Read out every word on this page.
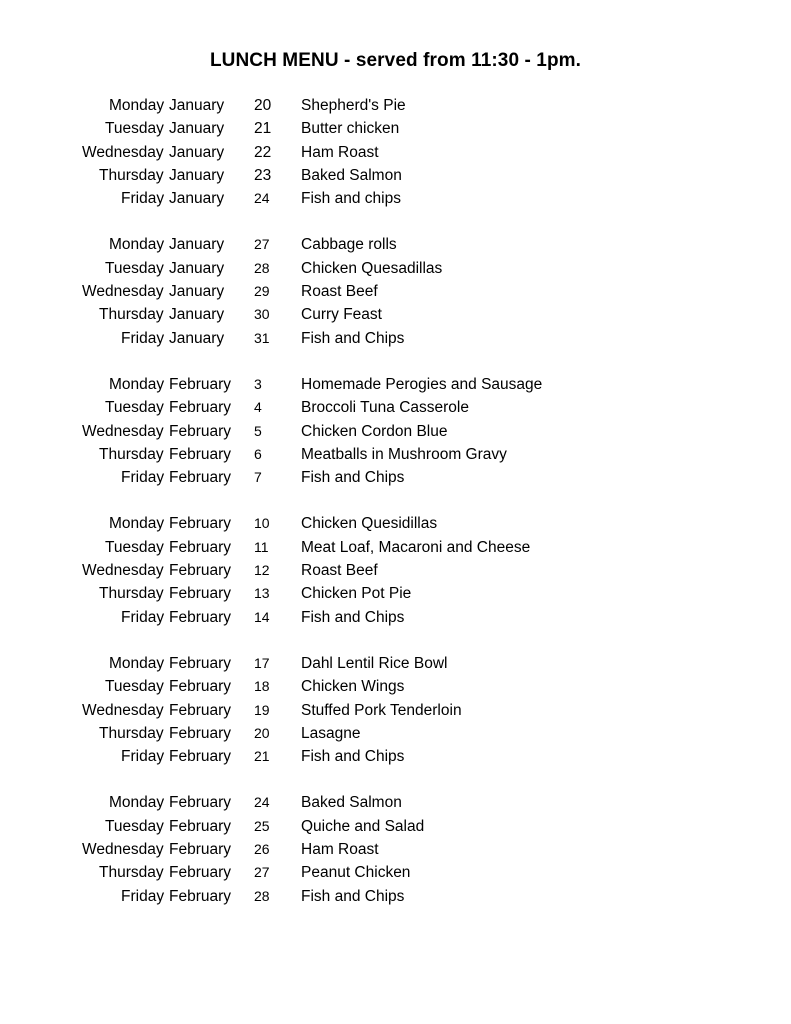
LUNCH MENU - served from 11:30 - 1pm.
Monday January 20 Shepherd's Pie
Tuesday January 21 Butter chicken
Wednesday January 22 Ham Roast
Thursday January 23 Baked Salmon
Friday January 24 Fish and chips
Monday January 27 Cabbage rolls
Tuesday January 28 Chicken Quesadillas
Wednesday January 29 Roast Beef
Thursday January 30 Curry Feast
Friday January 31 Fish and Chips
Monday February 3	Homemade Perogies and Sausage
Tuesday February 4	Broccoli Tuna Casserole
Wednesday February 5	Chicken Cordon Blue
Thursday February 6	Meatballs in Mushroom Gravy
Friday February 7	Fish and Chips
Monday February 10 Chicken Quesidillas
Tuesday February 11 Meat Loaf, Macaroni and Cheese
Wednesday February 12 Roast Beef
Thursday February 13 Chicken Pot Pie
Friday February 14 Fish and Chips
Monday February 17 Dahl Lentil Rice Bowl
Tuesday February 18 Chicken Wings
Wednesday February 19 Stuffed Pork Tenderloin
Thursday February 20 Lasagne
Friday February 21 Fish and Chips
Monday February 24 Baked Salmon
Tuesday February 25 Quiche and Salad
Wednesday February 26 Ham Roast
Thursday February 27 Peanut Chicken
Friday February 28 Fish and Chips
